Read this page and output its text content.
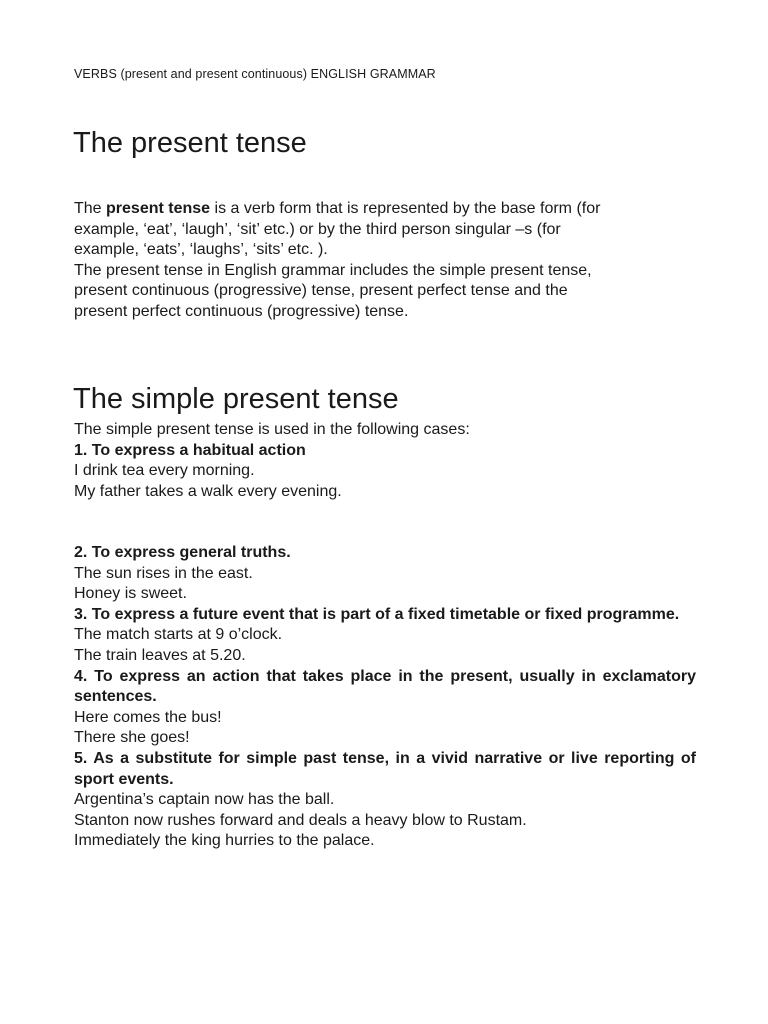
VERBS (present and present continuous) ENGLISH GRAMMAR
The present tense

The present tense is a verb form that is represented by the base form (for

example, ‘eat’, ‘laugh’, ‘sit’ etc.) or by the third person singular –s (for

example, ‘eats’, ‘laughs’, ‘sits’ etc. ).

The present tense in English grammar includes the simple present tense,

present continuous (progressive) tense, present perfect tense and the

present perfect continuous (progressive) tense.

The simple present tense

The simple present tense is used in the following cases:

1. To express a habitual action

I drink tea every morning.

My father takes a walk every evening.

2. To express general truths.

The sun rises in the east.

Honey is sweet.

3. To express a future event that is part of a fixed timetable or fixed programme.

The match starts at 9 o’clock.

The train leaves at 5.20.

4. To express an action that takes place in the present, usually in exclamatory sentences.

Here comes the bus!

There she goes!

5. As a substitute for simple past tense, in a vivid narrative or live reporting of sport events.

Argentina’s captain now has the ball.

Stanton now rushes forward and deals a heavy blow to Rustam.

Immediately the king hurries to the palace.
